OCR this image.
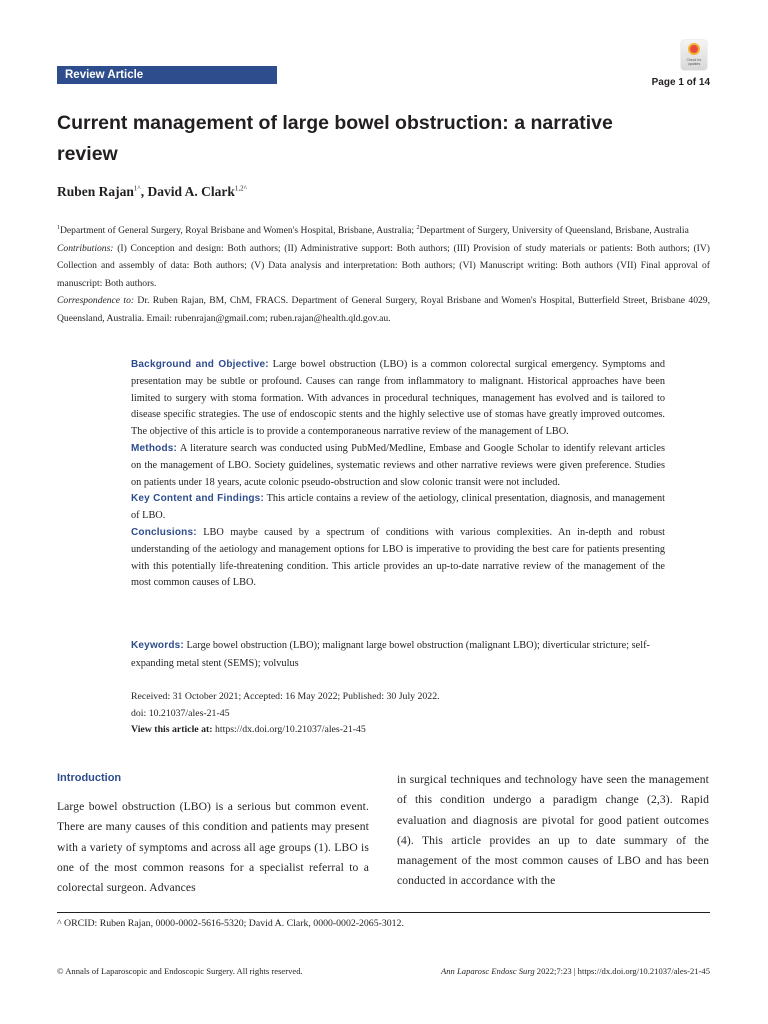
Review Article
Check for updates
Page 1 of 14
Current management of large bowel obstruction: a narrative review
Ruben Rajan$^{1\^{}}$, David A. Clark$^{1,2\^{}}$

$^1$Department of General Surgery, Royal Brisbane and Women's Hospital, Brisbane, Australia; $^2$Department of Surgery, University of Queensland, Brisbane, Australia

Contributions: (I) Conception and design: Both authors; (II) Administrative support: Both authors; (III) Provision of study materials or patients: Both authors; (IV) Collection and assembly of data: Both authors; (V) Data analysis and interpretation: Both authors; (VI) Manuscript writing: Both authors (VII) Final approval of manuscript: Both authors.

Correspondence to: Dr. Ruben Rajan, BM, ChM, FRACS. Department of General Surgery, Royal Brisbane and Women's Hospital, Butterfield Street, Brisbane 4029, Queensland, Australia. Email: rubenrajan@gmail.com; ruben.rajan@health.qld.gov.au.

Background and Objective: Large bowel obstruction (LBO) is a common colorectal surgical emergency. Symptoms and presentation may be subtle or profound. Causes can range from inflammatory to malignant. Historical approaches have been limited to surgery with stoma formation. With advances in procedural techniques, management has evolved and is tailored to disease specific strategies. The use of endoscopic stents and the highly selective use of stomas have greatly improved outcomes. The objective of this article is to provide a contemporaneous narrative review of the management of LBO.

Methods: A literature search was conducted using PubMed/Medline, Embase and Google Scholar to identify relevant articles on the management of LBO. Society guidelines, systematic reviews and other narrative reviews were given preference. Studies on patients under 18 years, acute colonic pseudo-obstruction and slow colonic transit were not included.

Key Content and Findings: This article contains a review of the aetiology, clinical presentation, diagnosis, and management of LBO.

Conclusions: LBO maybe caused by a spectrum of conditions with various complexities. An in-depth and robust understanding of the aetiology and management options for LBO is imperative to providing the best care for patients presenting with this potentially life-threatening condition. This article provides an up-to-date narrative review of the management of the most common causes of LBO.

Keywords: Large bowel obstruction (LBO); malignant large bowel obstruction (malignant LBO); diverticular stricture; self-expanding metal stent (SEMS); volvulus

Received: 31 October 2021; Accepted: 16 May 2022; Published: 30 July 2022.

doi: 10.21037/ales-21-45

View this article at: https://dx.doi.org/10.21037/ales-21-45

Introduction
Large bowel obstruction (LBO) is a serious but common event. There are many causes of this condition and patients may present with a variety of symptoms and across all age groups (1). LBO is one of the most common reasons for a specialist referral to a colorectal surgeon. Advances
in surgical techniques and technology have seen the management of this condition undergo a paradigm change (2,3). Rapid evaluation and diagnosis are pivotal for good patient outcomes (4). This article provides an up to date summary of the management of the most common causes of LBO and has been conducted in accordance with the
^ ORCID: Ruben Rajan, 0000-0002-5616-5320; David A. Clark, 0000-0002-2065-3012.
© Annals of Laparoscopic and Endoscopic Surgery. All rights reserved.	Ann Laparosc Endosc Surg 2022;7:23 | https://dx.doi.org/10.21037/ales-21-45
